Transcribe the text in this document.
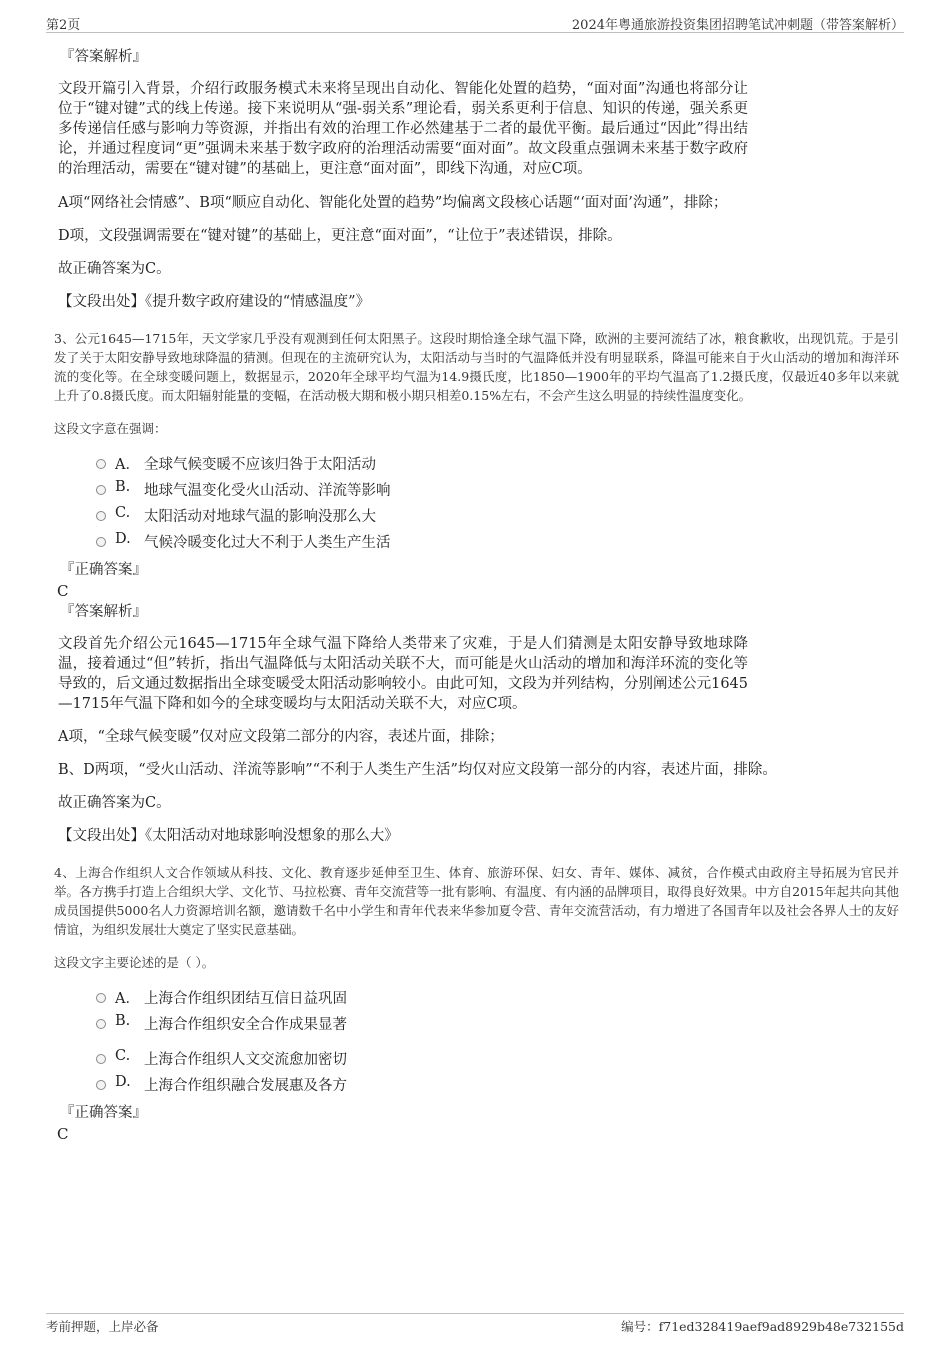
第2页	2024年粤通旅游投资集团招聘笔试冲刺题（带答案解析）
『答案解析』
文段开篇引入背景，介绍行政服务模式未来将呈现出自动化、智能化处置的趋势，“面对面”沟通也将部分让位于“键对键”式的线上传递。接下来说明从“强-弱关系”理论看，弱关系更利于信息、知识的传递，强关系更多传递信任感与影响力等资源，并指出有效的治理工作必然建基于二者的最优平衡。最后通过“因此”得出结论，并通过程度词“更”强调未来基于数字政府的治理活动需要“面对面”。故文段重点强调未来基于数字政府的治理活动，需要在“键对键”的基础上，更注意“面对面”，即线下沟通，对应C项。
A项“网络社会情感”、B项“顺应自动化、智能化处置的趋势”均偏离文段核心话题“‘面对面’沟通”，排除；
D项，文段强调需要在“键对键”的基础上，更注意“面对面”，“让位于”表述错误，排除。
故正确答案为C。
【文段出处】《提升数字政府建设的“情感温度”》
3、公元1645—1715年，天文学家几乎没有观测到任何太阳黑子。这段时期恰逢全球气温下降，欧洲的主要河流结了冰，粮食歉收，出现饥荒。于是引发了关于太阳安静导致地球降温的猜测。但现在的主流研究认为，太阳活动与当时的气温降低并没有明显联系，降温可能来自于火山活动的增加和海洋环流的变化等。在全球变暖问题上，数据显示，2020年全球平均气温为14.9摄氏度，比1850—1900年的平均气温高了1.2摄氏度，仅最近40多年以来就上升了0.8摄氏度。而太阳辐射能量的变幅，在活动极大期和极小期只相差0.15%左右，不会产生这么明显的持续性温度变化。
这段文字意在强调：
A． 全球气候变暖不应该归咎于太阳活动
B. 地球气温变化受火山活动、洋流等影响
C. 太阳活动对地球气温的影响没那么大
D. 气候冷暖变化过大不利于人类生产生活
『正确答案』
C
『答案解析』
文段首先介绍公元1645—1715年全球气温下降给人类带来了灾难，于是人们猜测是太阳安静导致地球降温，接着通过“但”转折，指出气温降低与太阳活动关联不大，而可能是火山活动的增加和海洋环流的变化等导致的，后文通过数据指出全球变暖受太阳活动影响较小。由此可知，文段为并列结构，分别阐述公元1645—1715年气温下降和如今的全球变暖均与太阳活动关联不大，对应C项。
A项，“全球气候变暖”仅对应文段第二部分的内容，表述片面，排除；
B、D两项，“受火山活动、洋流等影响”“不利于人类生产生活”均仅对应文段第一部分的内容，表述片面，排除。
故正确答案为C。
【文段出处】《太阳活动对地球影响没想象的那么大》
4、上海合作组织人文合作领域从科技、文化、教育逐步延伸至卫生、体育、旅游环保、妇女、青年、媒体、减贫，合作模式由政府主导拓展为官民并举。各方携手打造上合组织大学、文化节、马拉松赛、青年交流营等一批有影响、有温度、有内涵的品牌项目，取得良好效果。中方自2015年起共向其他成员国提供5000名人力资源培训名额，邀请数千名中小学生和青年代表来华参加夏令营、青年交流营活动，有力增进了各国青年以及社会各界人士的友好情谊，为组织发展壮大奠定了坚实民意基础。
这段文字主要论述的是（ ）。
A． 上海合作组织团结互信日益巩固
B. 上海合作组织安全合作成果显著
C. 上海合作组织人文交流愈加密切
D. 上海合作组织融合发展惠及各方
『正确答案』
C
考前押题，上岸必备	编号：f71ed328419aef9ad8929b48e732155d
